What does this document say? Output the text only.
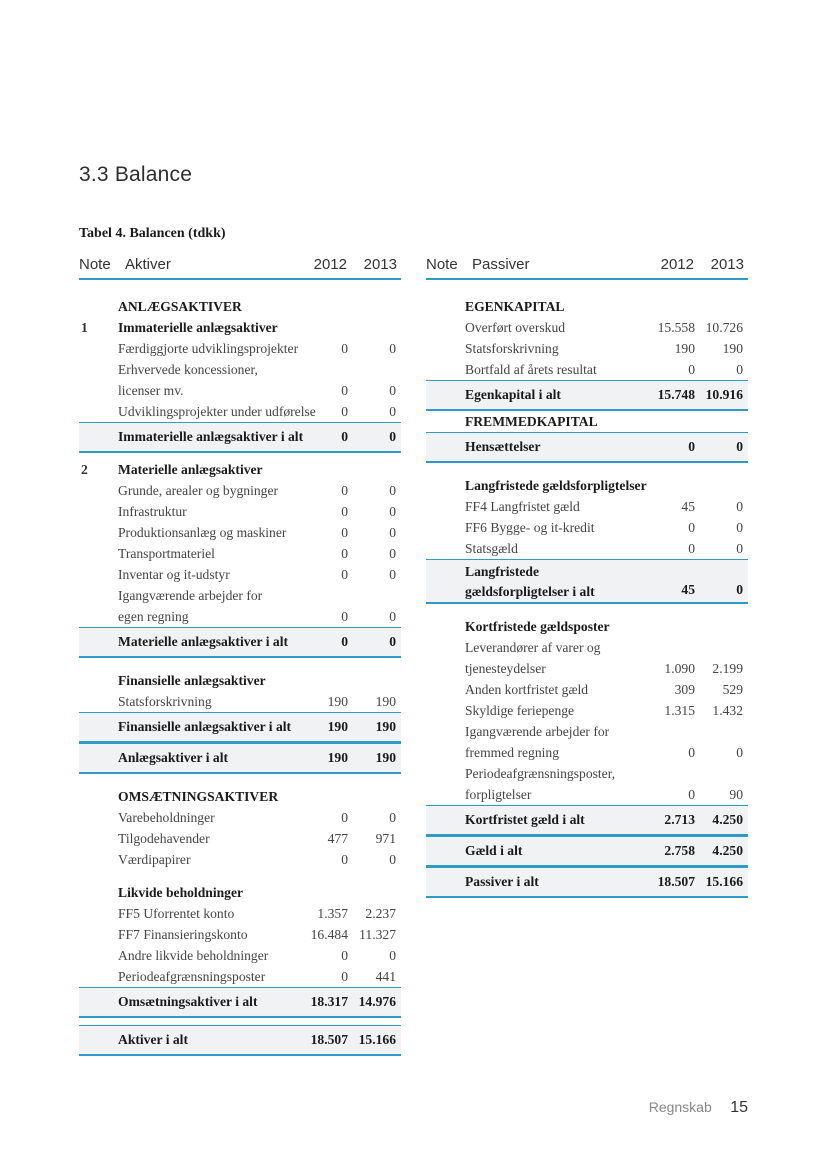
3.3 Balance
Tabel 4. Balancen (tdkk)
Note Aktiver	2012 2013
ANLÆGSAKTIVER
1 Immaterielle anlægsaktiver
Færdiggjorte udviklingsprojekter	0	0
Erhvervede koncessioner,
licenser mv.	0	0
Udviklingsprojekter under udførelse 0	0
Immaterielle anlægsaktiver i alt	0	0
2 Materielle anlægsaktiver
Grunde, arealer og bygninger	0	0
Infrastruktur	0	0
Produktionsanlæg og maskiner	0	0
Transportmateriel	0	0
Inventar og it-udstyr	0	0
Igangværende arbejder for
egen regning	0	0
Materielle anlægsaktiver i alt	0	0
Finansielle anlægsaktiver
Statsforskrivning	190 190
Finansielle anlægsaktiver i alt	190 190
Anlægsaktiver i alt	190 190
OMSÆTNINGSAKTIVER
Varebeholdninger	0	0
Tilgodehavender	477 971
Værdipapirer	0	0
Likvide beholdninger
FF5 Uforrentet konto	1.357 2.237
FF7 Finansieringskonto	16.484 11.327
Andre likvide beholdninger	0	0
Periodeafgrænsningsposter	0 441
Omsætningsaktiver i alt	18.317 14.976
Aktiver i alt	18.507 15.166
Note Passiver	2012 2013
EGENKAPITAL
Overført overskud	15.558 10.726
Statsforskrivning	190 190
Bortfald af årets resultat	0	0
Egenkapital i alt	15.748 10.916
FREMMEDKAPITAL
Hensættelser	0	0
Langfristede gældsforpligtelser
FF4 Langfristet gæld	45	0
FF6 Bygge- og it-kredit	0	0
Statsgæld	0	0
Langfristede gældsforpligtelser i alt	45	0
Kortfristede gældsposter
Leverandører af varer og
tjenesteydelser	1.090 2.199
Anden kortfristet gæld	309 529
Skyldige feriepenge	1.315 1.432
Igangværende arbejder for
fremmed regning	0	0
Periodeafgrænsningsposter,
forpligtelser	0	90
Kortfristet gæld i alt	2.713 4.250
Gæld i alt	2.758 4.250
Passiver i alt	18.507 15.166
Regnskab 15
